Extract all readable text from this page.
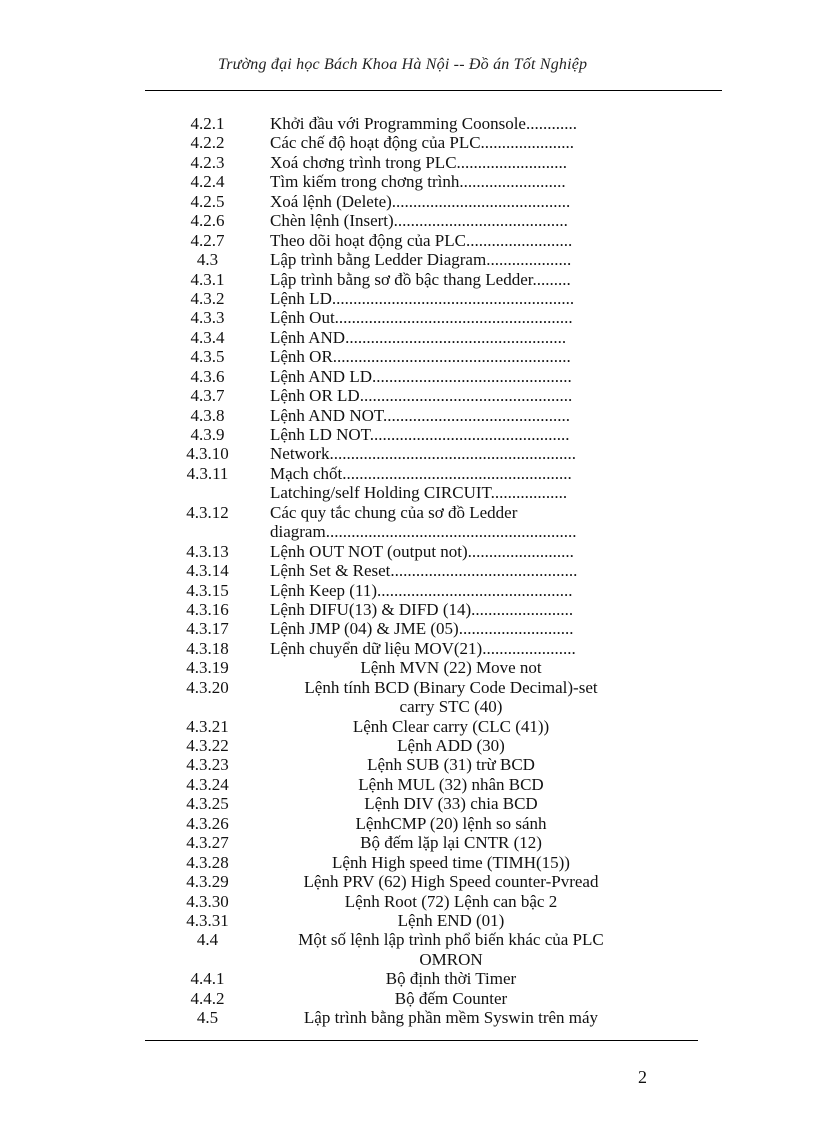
Trường đại học Bách Khoa Hà Nội -- Đồ án Tốt Nghiệp
4.2.1	Khởi đầu với Programming Coonsole............
4.2.2	Các chế độ hoạt động của PLC......................
4.2.3	Xoá chơng trình trong PLC..........................
4.2.4	Tìm kiếm trong chơng trình.........................
4.2.5	Xoá lệnh (Delete)..........................................
4.2.6	Chèn lệnh (Insert).........................................
4.2.7	Theo dõi hoạt động của PLC.........................
4.3	Lập trình bằng Ledder Diagram....................
4.3.1	Lập trình bằng sơ đồ bậc thang Ledder.........
4.3.2	Lệnh LD.........................................................
4.3.3	Lệnh Out........................................................
4.3.4	Lệnh AND....................................................
4.3.5	Lệnh OR........................................................
4.3.6	Lệnh AND LD...............................................
4.3.7	Lệnh OR LD..................................................
4.3.8	Lệnh AND NOT............................................
4.3.9	Lệnh LD NOT...............................................
4.3.10	Network..........................................................
4.3.11	Mạch chốt......................................................
Latching/self Holding CIRCUIT..................
4.3.12	Các quy tắc chung của sơ đồ Ledder
diagram...........................................................
4.3.13	Lệnh OUT NOT (output not).........................
4.3.14	Lệnh Set & Reset............................................
4.3.15	Lệnh Keep (11)..............................................
4.3.16	Lệnh DIFU(13) & DIFD (14)........................
4.3.17	Lệnh JMP (04) & JME (05)...........................
4.3.18	Lệnh chuyển dữ liệu MOV(21)......................
4.3.19	Lệnh MVN (22) Move not
4.3.20	Lệnh tính BCD (Binary Code Decimal)-set
carry STC (40)
4.3.21	Lệnh Clear carry (CLC (41))
4.3.22	Lệnh ADD (30)
4.3.23	Lệnh SUB (31) trừ BCD
4.3.24	Lệnh MUL (32) nhân BCD
4.3.25	Lệnh DIV (33) chia BCD
4.3.26	LệnhCMP (20) lệnh so sánh
4.3.27	Bộ đếm lặp lại CNTR (12)
4.3.28	Lệnh High speed time (TIMH(15))
4.3.29	Lệnh PRV (62) High Speed counter-Pvread
4.3.30	Lệnh Root (72) Lệnh can bậc 2
4.3.31	Lệnh END (01)
4.4	Một số lệnh lập trình phổ biến khác của PLC
OMRON
4.4.1	Bộ định thời Timer
4.4.2	Bộ đếm Counter
4.5	Lập trình bằng phần mềm Syswin trên máy
2
